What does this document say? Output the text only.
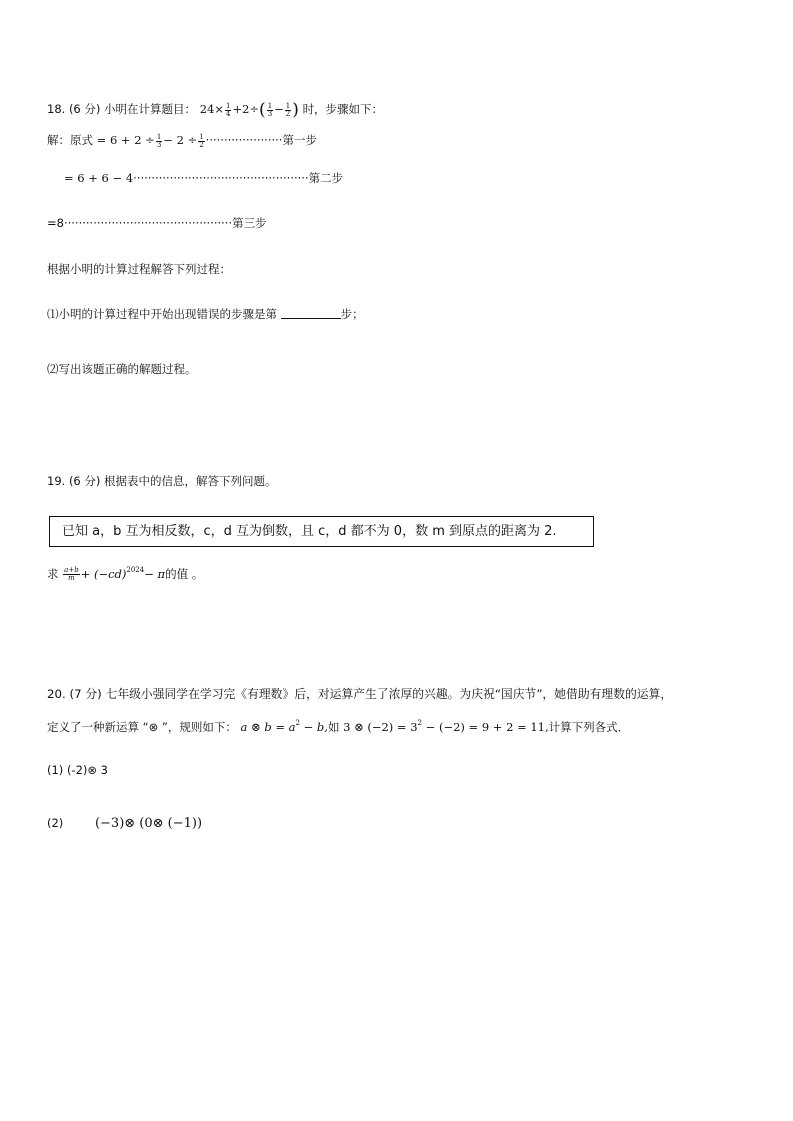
18. (6 分) 小明在计算题目： $24\times \frac{1}{4} +2\div( \frac{1}{3} - \frac{1}{2}$ ) 时，步骤如下：
解：原式 = $6 + 2 \div \frac{1}{3} - 2 \div \frac{1}{2}$ ·····················第一步
= 6 + 6 − 4················································第二步
=8··············································第三步
根据小明的计算过程解答下列过程：
⑴小明的计算过程中开始出现错误的步骤是第	步；
⑵写出该题正确的解题过程。
19. (6 分) 根据表中的信息，解答下列问题。
已知 a，b 互为相反数，c，d 互为倒数，且 c，d 都不为 0，数 m 到原点的距离为 2.
求 $\frac{a+b}{m} + (-cd)^{2024}- \pi$的值 。
20. (7 分) 七年级小强同学在学习完《有理数》后，对运算产生了浓厚的兴趣。为庆祝“国庆节”，她借助有理数的运算，
定义了一种新运算 “⊗ ”，规则如下： a ⊗ $b = a^2 - b$,如 3 ⊗ $(-2) = 3^2 - (-2) = 9 + 2 = 11$,计算下列各式．
(1) (-2)⊗ 3
(2) (−3)⊗ (0⊗ (−1))
